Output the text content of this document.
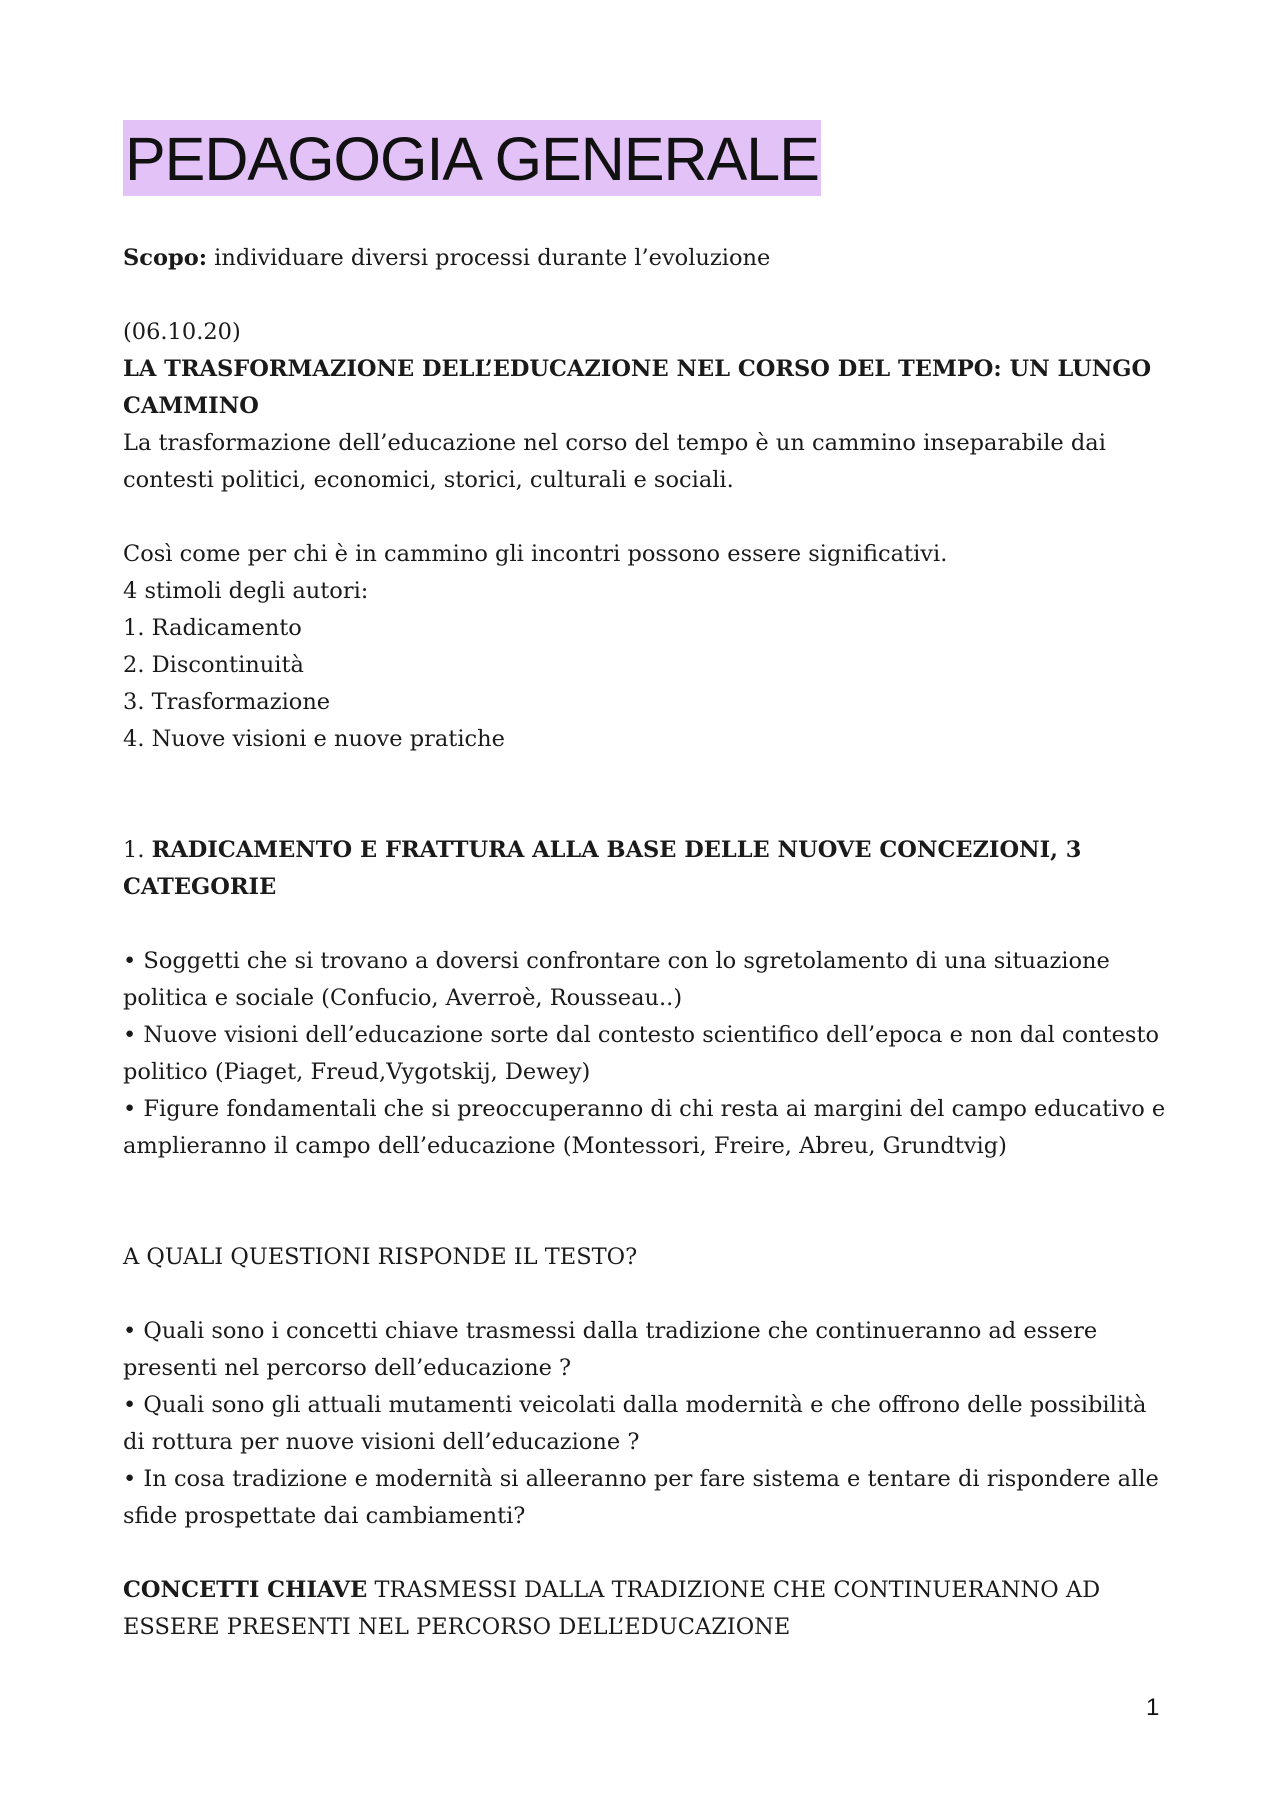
PEDAGOGIA GENERALE

Scopo: individuare diversi processi durante l’evoluzione

(06.10.20)

LA TRASFORMAZIONE DELL’EDUCAZIONE NEL CORSO DEL TEMPO: UN LUNGO CAMMINO

La trasformazione dell’educazione nel corso del tempo è un cammino inseparabile dai contesti politici, economici, storici, culturali e sociali.

Così come per chi è in cammino gli incontri possono essere significativi.

4 stimoli degli autori:

1. Radicamento
2. Discontinuità
3. Trasformazione
4. Nuove visioni e nuove pratiche

1. RADICAMENTO E FRATTURA ALLA BASE DELLE NUOVE CONCEZIONI, 3 CATEGORIE

• Soggetti che si trovano a doversi confrontare con lo sgretolamento di una situazione politica e sociale (Confucio, Averroè, Rousseau..)

• Nuove visioni dell’educazione sorte dal contesto scientifico dell’epoca e non dal contesto politico (Piaget, Freud,Vygotskij, Dewey)

• Figure fondamentali che si preoccuperanno di chi resta ai margini del campo educativo e amplieranno il campo dell’educazione (Montessori, Freire, Abreu, Grundtvig)

A QUALI QUESTIONI RISPONDE IL TESTO?

• Quali sono i concetti chiave trasmessi dalla tradizione che continueranno ad essere presenti nel percorso dell’educazione ?

• Quali sono gli attuali mutamenti veicolati dalla modernità e che offrono delle possibilità di rottura per nuove visioni dell’educazione ?

• In cosa tradizione e modernità si alleeranno per fare sistema e tentare di rispondere alle sfide prospettate dai cambiamenti?

CONCETTI CHIAVE TRASMESSI DALLA TRADIZIONE CHE CONTINUERANNO AD ESSERE PRESENTI NEL PERCORSO DELL’EDUCAZIONE

1
